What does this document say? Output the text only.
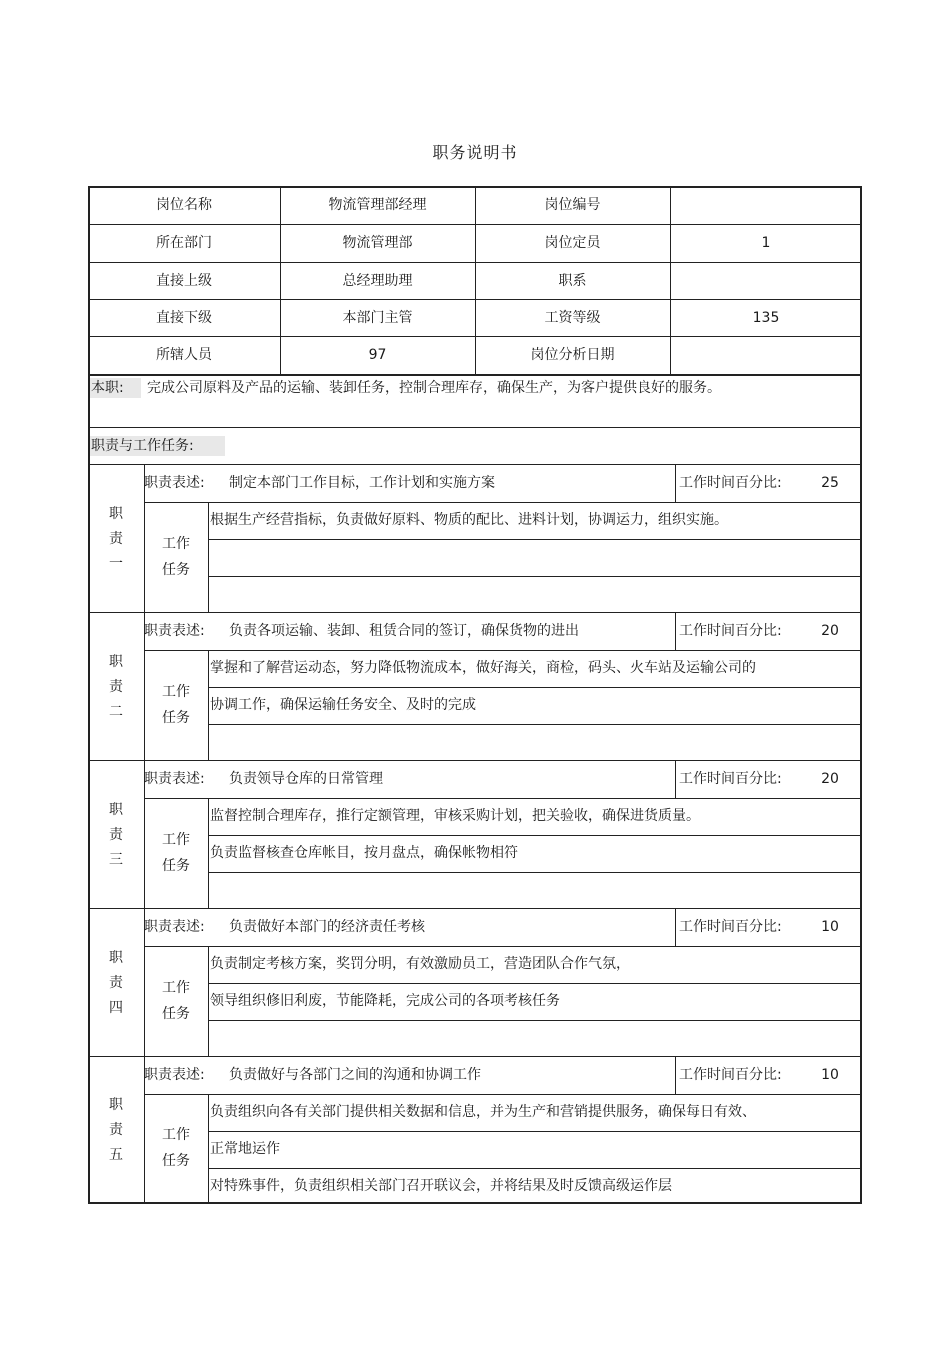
职务说明书
岗位名称	物流管理部经理	岗位编号
所在部门	物流管理部	岗位定员	1
直接上级	总经理助理	职系
直接下级	本部门主管	工资等级	135
所辖人员	97	岗位分析日期
本职:	完成公司原料及产品的运输、装卸任务，控制合理库存，确保生产，为客户提供良好的服务。
职责与工作任务:
职
责
一
职责表述:	制定本部门工作目标，工作计划和实施方案	工作时间百分比:	25
工作
任务
根据生产经营指标，负责做好原料、物质的配比、进料计划，协调运力，组织实施。
职
责
二
职责表述:	负责各项运输、装卸、租赁合同的签订，确保货物的进出	工作时间百分比:	20
工作
任务
掌握和了解营运动态，努力降低物流成本，做好海关，商检，码头、火车站及运输公司的
协调工作，确保运输任务安全、及时的完成
职
责
三
职责表述:	负责领导仓库的日常管理	工作时间百分比:	20
工作
任务
监督控制合理库存，推行定额管理，审核采购计划，把关验收，确保进货质量。
负责监督核查仓库帐目，按月盘点，确保帐物相符
职
责
四
职责表述:	负责做好本部门的经济责任考核	工作时间百分比:	10
工作
任务
负责制定考核方案，奖罚分明，有效激励员工，营造团队合作气氛，
领导组织修旧利废，节能降耗，完成公司的各项考核任务
职
责
五
职责表述:	负责做好与各部门之间的沟通和协调工作	工作时间百分比:	10
工作
任务
负责组织向各有关部门提供相关数据和信息，并为生产和营销提供服务，确保每日有效、
正常地运作
对特殊事件，负责组织相关部门召开联议会，并将结果及时反馈高级运作层
